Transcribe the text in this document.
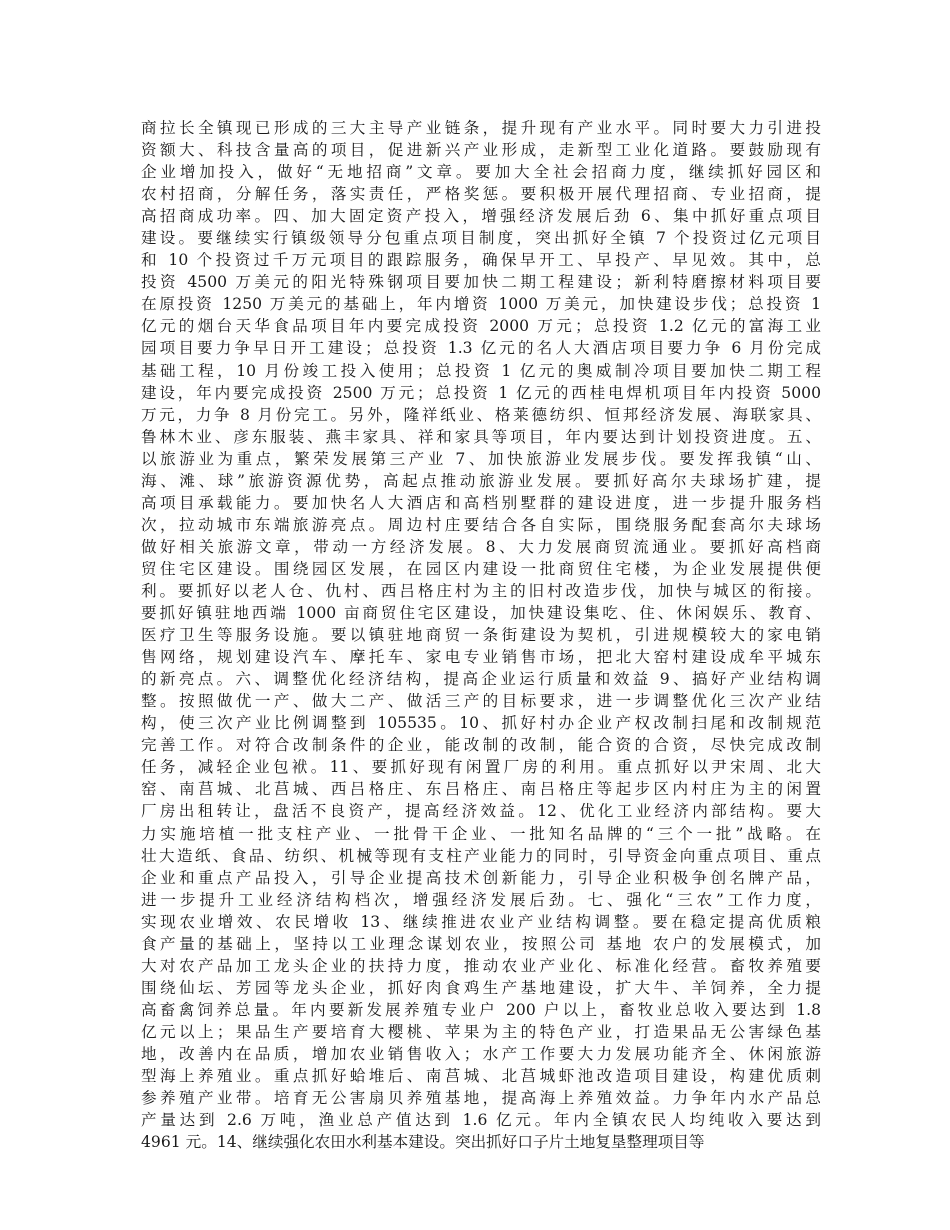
商拉长全镇现已形成的三大主导产业链条，提升现有产业水平。同时要大力引进投
资额大、科技含量高的项目，促进新兴产业形成，走新型工业化道路。要鼓励现有
企业增加投入，做好“无地招商”文章。要加大全社会招商力度，继续抓好园区和
农村招商，分解任务，落实责任，严格奖惩。要积极开展代理招商、专业招商，提
高招商成功率。四、加大固定资产投入，增强经济发展后劲 6、集中抓好重点项目
建设。要继续实行镇级领导分包重点项目制度，突出抓好全镇 7 个投资过亿元项目
和 10 个投资过千万元项目的跟踪服务，确保早开工、早投产、早见效。其中，总
投资 4500 万美元的阳光特殊钢项目要加快二期工程建设；新利特磨擦材料项目要
在原投资 1250 万美元的基础上，年内增资 1000 万美元，加快建设步伐；总投资 1
亿元的烟台天华食品项目年内要完成投资 2000 万元；总投资 1.2 亿元的富海工业
园项目要力争早日开工建设；总投资 1.3 亿元的名人大酒店项目要力争 6 月份完成
基础工程，10 月份竣工投入使用；总投资 1 亿元的奥威制冷项目要加快二期工程
建设，年内要完成投资 2500 万元；总投资 1 亿元的西桂电焊机项目年内投资 5000
万元，力争 8 月份完工。另外，隆祥纸业、格莱德纺织、恒邦经济发展、海联家具、
鲁林木业、彦东服装、燕丰家具、祥和家具等项目，年内要达到计划投资进度。五、
以旅游业为重点，繁荣发展第三产业 7、加快旅游业发展步伐。要发挥我镇“山、
海、滩、球”旅游资源优势，高起点推动旅游业发展。要抓好高尔夫球场扩建，提
高项目承载能力。要加快名人大酒店和高档别墅群的建设进度，进一步提升服务档
次，拉动城市东端旅游亮点。周边村庄要结合各自实际，围绕服务配套高尔夫球场
做好相关旅游文章，带动一方经济发展。8、大力发展商贸流通业。要抓好高档商
贸住宅区建设。围绕园区发展，在园区内建设一批商贸住宅楼，为企业发展提供便
利。要抓好以老人仓、仇村、西吕格庄村为主的旧村改造步伐，加快与城区的衔接。
要抓好镇驻地西端 1000 亩商贸住宅区建设，加快建设集吃、住、休闲娱乐、教育、
医疗卫生等服务设施。要以镇驻地商贸一条街建设为契机，引进规模较大的家电销
售网络，规划建设汽车、摩托车、家电专业销售市场，把北大窑村建设成牟平城东
的新亮点。六、调整优化经济结构，提高企业运行质量和效益 9、搞好产业结构调
整。按照做优一产、做大二产、做活三产的目标要求，进一步调整优化三次产业结
构，使三次产业比例调整到 105535。10、抓好村办企业产权改制扫尾和改制规范
完善工作。对符合改制条件的企业，能改制的改制，能合资的合资，尽快完成改制
任务，减轻企业包袱。11、要抓好现有闲置厂房的利用。重点抓好以尹宋周、北大
窑、南莒城、北莒城、西吕格庄、东吕格庄、南吕格庄等起步区内村庄为主的闲置
厂房出租转让，盘活不良资产，提高经济效益。12、优化工业经济内部结构。要大
力实施培植一批支柱产业、一批骨干企业、一批知名品牌的“三个一批”战略。在
壮大造纸、食品、纺织、机械等现有支柱产业能力的同时，引导资金向重点项目、重点
企业和重点产品投入，引导企业提高技术创新能力，引导企业积极争创名牌产品，
进一步提升工业经济结构档次，增强经济发展后劲。七、强化“三农”工作力度，
实现农业增效、农民增收 13、继续推进农业产业结构调整。要在稳定提高优质粮
食产量的基础上，坚持以工业理念谋划农业，按照公司 基地 农户的发展模式，加
大对农产品加工龙头企业的扶持力度，推动农业产业化、标准化经营。畜牧养殖要
围绕仙坛、芳园等龙头企业，抓好肉食鸡生产基地建设，扩大牛、羊饲养，全力提
高畜禽饲养总量。年内要新发展养殖专业户 200 户以上，畜牧业总收入要达到 1.8
亿元以上；果品生产要培育大樱桃、苹果为主的特色产业，打造果品无公害绿色基
地，改善内在品质，增加农业销售收入；水产工作要大力发展功能齐全、休闲旅游
型海上养殖业。重点抓好蛤堆后、南莒城、北莒城虾池改造项目建设，构建优质刺
参养殖产业带。培育无公害扇贝养殖基地，提高海上养殖效益。力争年内水产品总
产量达到 2.6 万吨，渔业总产值达到 1.6 亿元。年内全镇农民人均纯收入要达到
4961 元。14、继续强化农田水利基本建设。突出抓好口子片土地复垦整理项目等
